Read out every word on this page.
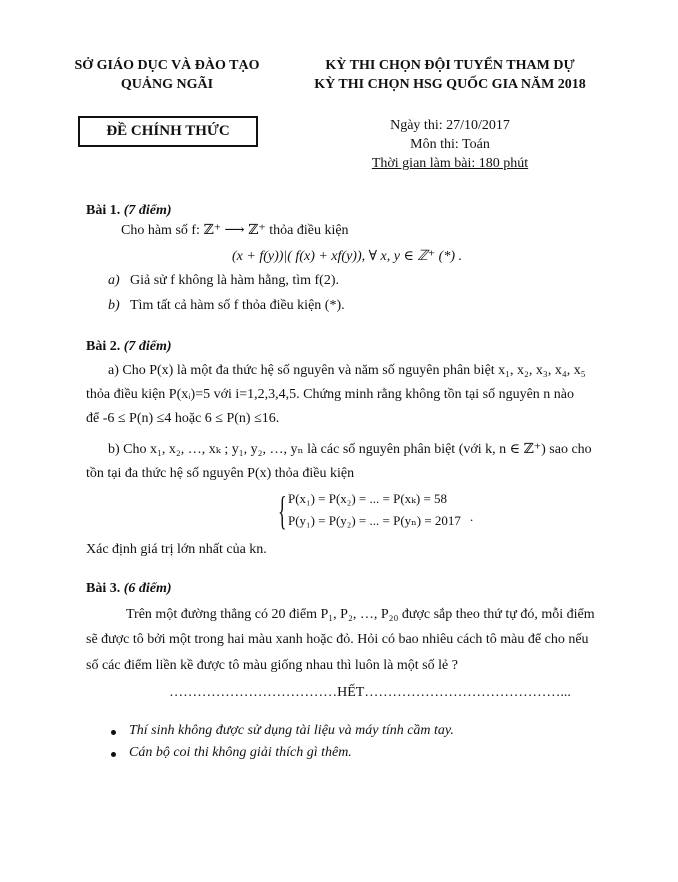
SỞ GIÁO DỤC VÀ ĐÀO TẠO
QUẢNG NGÃI
KỲ THI CHỌN ĐỘI TUYỂN THAM DỰ
KỲ THI CHỌN HSG QUỐC GIA NĂM 2018
ĐỀ CHÍNH THỨC	Ngày thi: 27/10/2017
Môn thi: Toán
Thời gian làm bài: 180 phút
Bài 1. (7 điểm)
Cho hàm số f: ℤ⁺ ⟶ ℤ⁺ thỏa điều kiện
(x + f(y))|( f(x) + xf(y)), ∀ x, y ∈ ℤ⁺ (*) .
a) Giả sử f không là hàm hằng, tìm f(2).
b) Tìm tất cả hàm số f thỏa điều kiện (*).
Bài 2. (7 điểm)
a) Cho P(x) là một đa thức hệ số nguyên và năm số nguyên phân biệt x₁, x₂, x₃, x₄, x₅
thỏa điều kiện P(xᵢ)=5 với i=1,2,3,4,5. Chứng minh rằng không tồn tại số nguyên n nào
để -6 ≤ P(n) ≤4 hoặc 6 ≤ P(n) ≤16.
b) Cho x₁, x₂, …, xₖ ; y₁, y₂, …, yₙ là các số nguyên phân biệt (với k, n ∈ ℤ⁺) sao cho
tồn tại đa thức hệ số nguyên P(x) thỏa điều kiện
{ P(x₁) = P(x₂) = ... = P(xₖ) = 58
P(y₁) = P(y₂) = ... = P(yₙ) = 2017 .
Xác định giá trị lớn nhất của kn.
Bài 3. (6 điểm)
Trên một đường thẳng có 20 điểm P₁, P₂, …, P₂₀ được sắp theo thứ tự đó, mỗi điểm
sẽ được tô bởi một trong hai màu xanh hoặc đỏ. Hỏi có bao nhiêu cách tô màu để cho nếu
số các điểm liền kề được tô màu giống nhau thì luôn là một số lẻ ?
………………………………HẾT……………………………………...
Thí sinh không được sử dụng tài liệu và máy tính cầm tay.
Cán bộ coi thi không giải thích gì thêm.
